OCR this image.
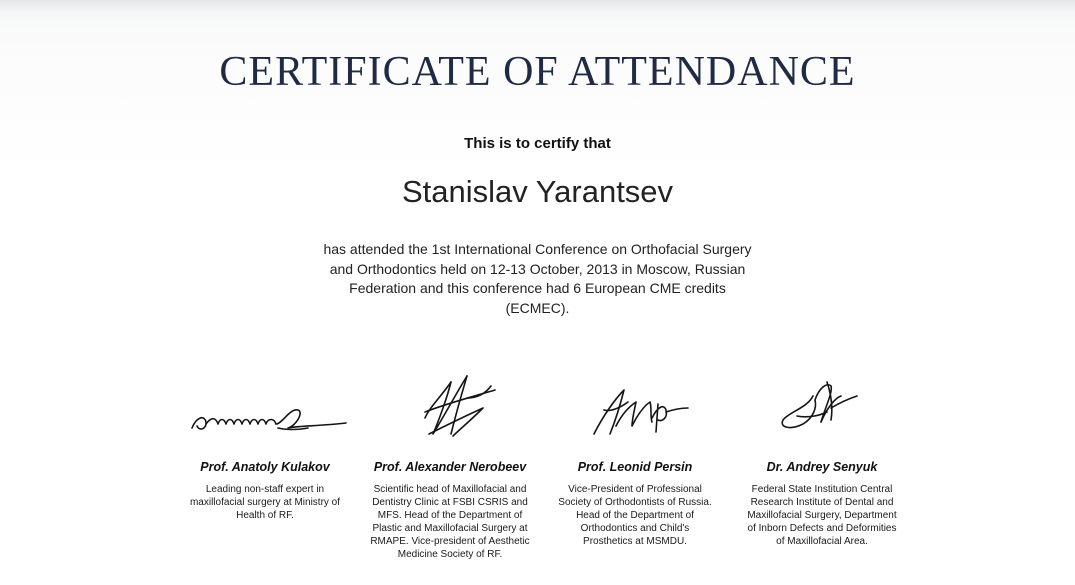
CERTIFICATE OF ATTENDANCE
This is to certify that
Stanislav Yarantsev
has attended the 1st International Conference on Orthofacial Surgery and Orthodontics held on 12-13 October, 2013 in Moscow, Russian Federation and this conference had 6 European CME credits (ECMEC).
Prof. Anatoly Kulakov
Leading non-staff expert in maxillofacial surgery at Ministry of Health of RF.
Prof. Alexander Nerobeev
Scientific head of Maxillofacial and Dentistry Clinic at FSBI CSRIS and MFS. Head of the Department of Plastic and Maxillofacial Surgery at RMAPE. Vice-president of Aesthetic Medicine Society of RF.
Prof. Leonid Persin
Vice-President of Professional Society of Orthodontists of Russia. Head of the Department of Orthodontics and Child's Prosthetics at MSMDU.
Dr. Andrey Senyuk
Federal State Institution Central Research Institute of Dental and Maxillofacial Surgery, Department of Inborn Defects and Deformities of Maxillofacial Area.
